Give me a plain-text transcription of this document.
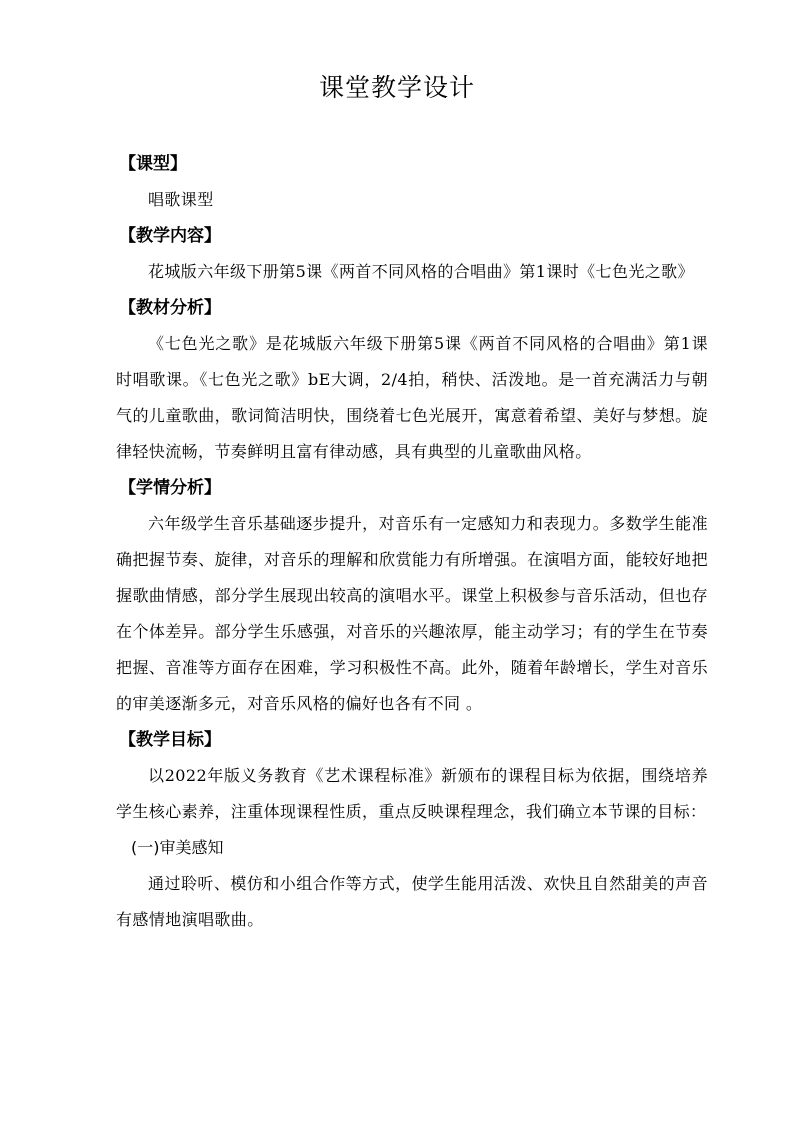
课堂教学设计
【课型】

唱歌课型

【教学内容】

花城版六年级下册第5课《两首不同风格的合唱曲》第1课时《七色光之歌》

【教材分析】

《七色光之歌》是花城版六年级下册第5课《两首不同风格的合唱曲》第1课时唱歌课。《七色光之歌》bE大调，2/4拍，稍快、活泼地。是一首充满活力与朝气的儿童歌曲，歌词简洁明快，围绕着七色光展开，寓意着希望、美好与梦想。旋律轻快流畅，节奏鲜明且富有律动感，具有典型的儿童歌曲风格。

【学情分析】

六年级学生音乐基础逐步提升，对音乐有一定感知力和表现力。多数学生能准确把握节奏、旋律，对音乐的理解和欣赏能力有所增强。在演唱方面，能较好地把握歌曲情感，部分学生展现出较高的演唱水平。课堂上积极参与音乐活动，但也存在个体差异。部分学生乐感强，对音乐的兴趣浓厚，能主动学习；有的学生在节奏把握、音准等方面存在困难，学习积极性不高。此外，随着年龄增长，学生对音乐的审美逐渐多元，对音乐风格的偏好也各有不同 。

【教学目标】

以2022年版义务教育《艺术课程标准》新颁布的课程目标为依据，围绕培养学生核心素养，注重体现课程性质，重点反映课程理念，我们确立本节课的目标：

(一)审美感知

通过聆听、模仿和小组合作等方式，使学生能用活泼、欢快且自然甜美的声音有感情地演唱歌曲。
